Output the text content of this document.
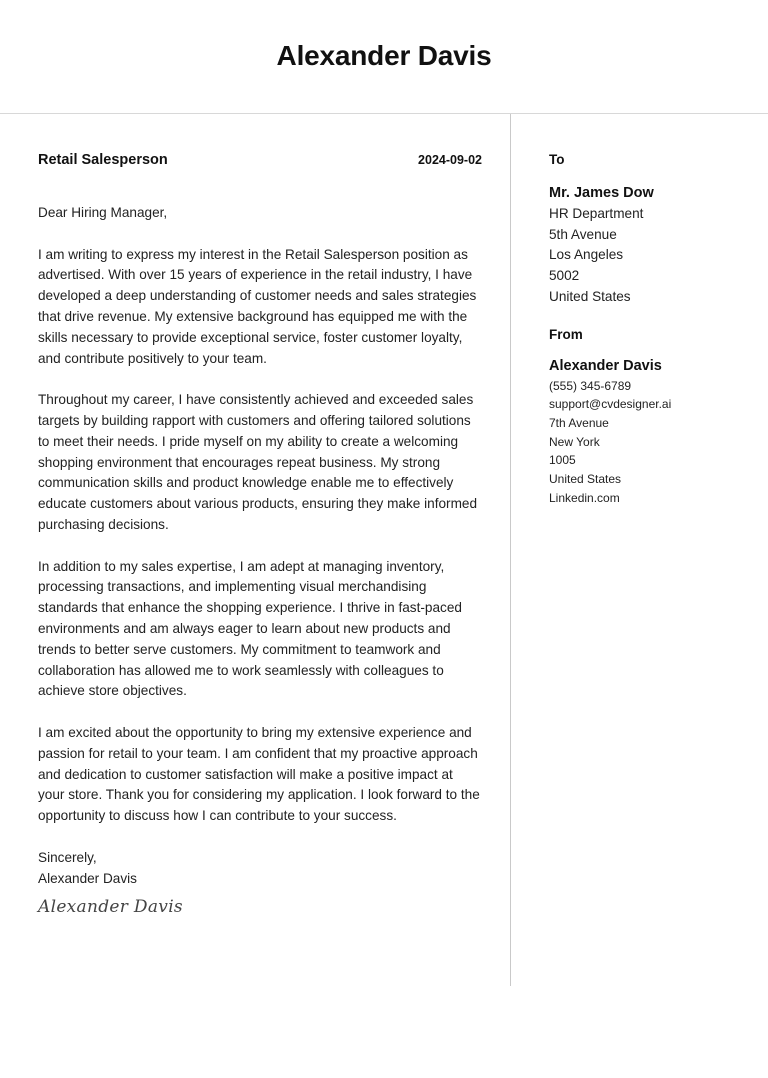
Alexander Davis
Retail Salesperson	2024-09-02
Dear Hiring Manager,
I am writing to express my interest in the Retail Salesperson position as advertised. With over 15 years of experience in the retail industry, I have developed a deep understanding of customer needs and sales strategies that drive revenue. My extensive background has equipped me with the skills necessary to provide exceptional service, foster customer loyalty, and contribute positively to your team.
Throughout my career, I have consistently achieved and exceeded sales targets by building rapport with customers and offering tailored solutions to meet their needs. I pride myself on my ability to create a welcoming shopping environment that encourages repeat business. My strong communication skills and product knowledge enable me to effectively educate customers about various products, ensuring they make informed purchasing decisions.
In addition to my sales expertise, I am adept at managing inventory, processing transactions, and implementing visual merchandising standards that enhance the shopping experience. I thrive in fast-paced environments and am always eager to learn about new products and trends to better serve customers. My commitment to teamwork and collaboration has allowed me to work seamlessly with colleagues to achieve store objectives.
I am excited about the opportunity to bring my extensive experience and passion for retail to your team. I am confident that my proactive approach and dedication to customer satisfaction will make a positive impact at your store. Thank you for considering my application. I look forward to the opportunity to discuss how I can contribute to your success.
Sincerely,
Alexander Davis
Alexander Davis
To
Mr. James Dow
HR Department
5th Avenue
Los Angeles
5002
United States
From
Alexander Davis
(555) 345-6789
support@cvdesigner.ai
7th Avenue
New York
1005
United States
Linkedin.com
